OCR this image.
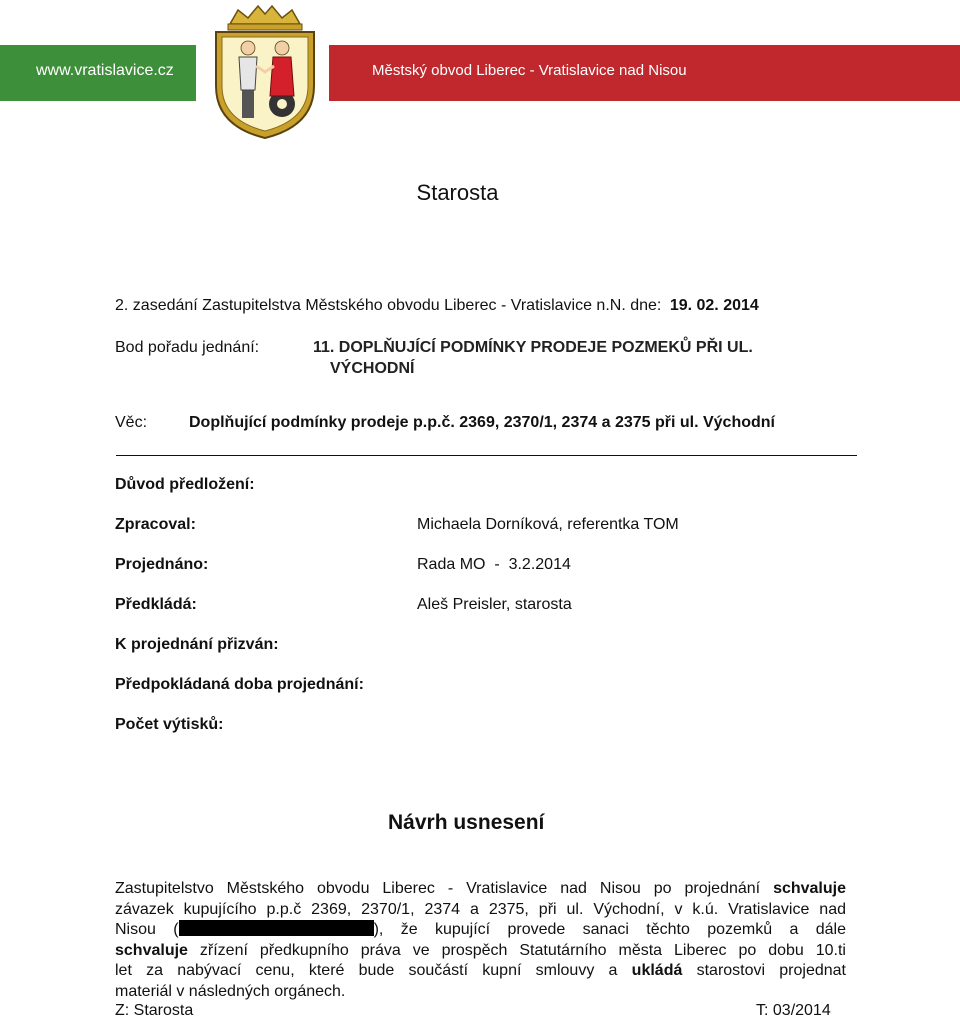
www.vratislavice.cz	Městský obvod Liberec - Vratislavice nad Nisou
Starosta
2. zasedání Zastupitelstva Městského obvodu Liberec - Vratislavice n.N. dne: 19. 02. 2014
Bod pořadu jednání:	11. DOPLŇUJÍCÍ PODMÍNKY PRODEJE POZMEKŮ PŘI UL.
VÝCHODNÍ
Věc:	Doplňující podmínky prodeje p.p.č. 2369, 2370/1, 2374 a 2375 při ul. Východní
Důvod předložení:
Zpracoval:	Michaela Dorníková, referentka TOM
Projednáno:	Rada MO  -  3.2.2014
Předkládá:	Aleš Preisler, starosta
K projednání přizván:
Předpokládaná doba projednání:
Počet výtisků:
Návrh usnesení
Zastupitelstvo Městského obvodu Liberec - Vratislavice nad Nisou po projednání schvaluje
závazek kupujícího p.p.č 2369, 2370/1, 2374 a 2375, při ul. Východní, v k.ú. Vratislavice nad
Nisou (	), že kupující provede sanaci těchto pozemků a dále
schvaluje zřízení předkupního práva ve prospěch Statutárního města Liberec po dobu 10.ti
let za nabývací cenu, které bude součástí kupní smlouvy a ukládá starostovi projednat
materiál v následných orgánech.
Z: Starosta	T: 03/2014
